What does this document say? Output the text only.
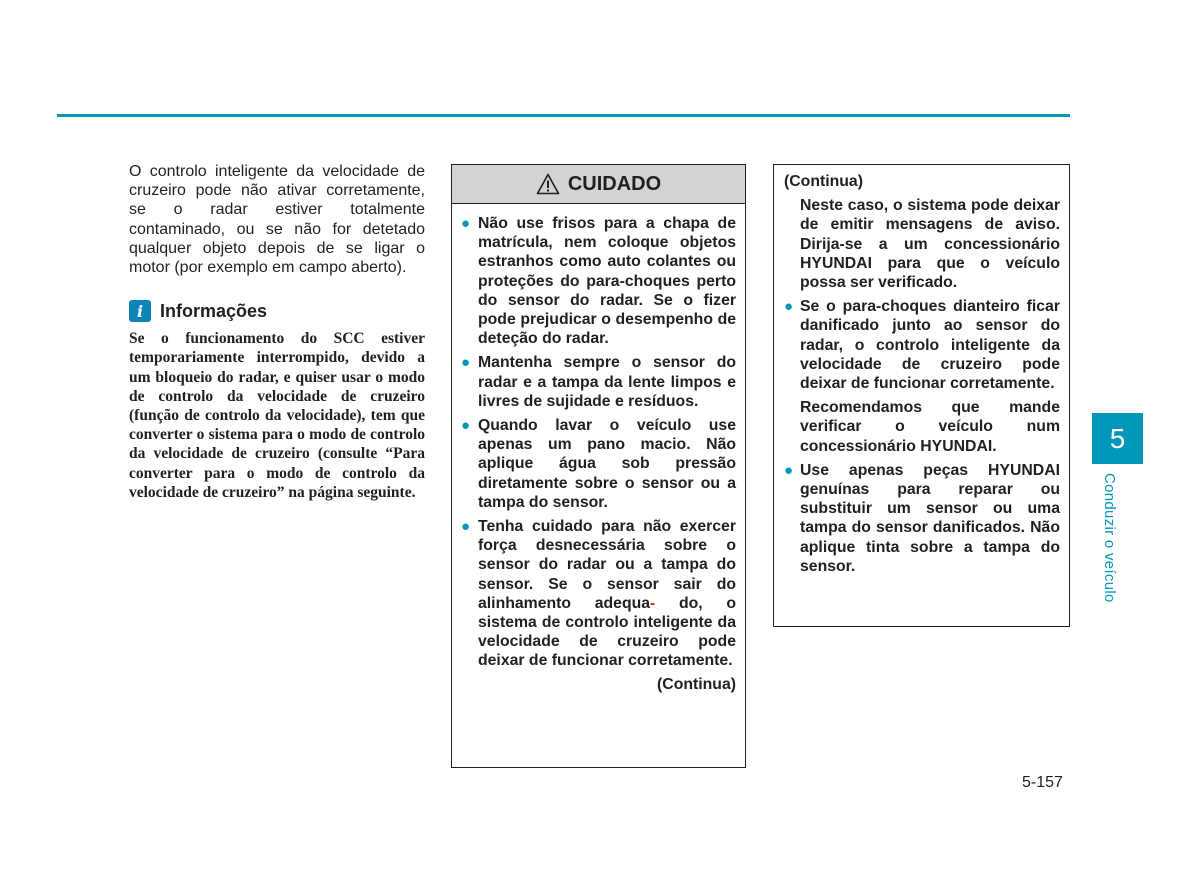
O controlo inteligente da velocidade de cruzeiro pode não ativar corretamente, se o radar estiver totalmente contaminado, ou se não for detetado qualquer objeto depois de se ligar o motor (por exemplo em campo aberto).

i Informações

Se o funcionamento do SCC estiver temporariamente interrompido, devido a um bloqueio do radar, e quiser usar o modo de controlo da velocidade de cruzeiro (função de controlo da velocidade), tem que converter o sistema para o modo de controlo da velocidade de cruzeiro (consulte “Para converter para o modo de controlo da velocidade de cruzeiro” na página seguinte.

CUIDADO
● Não use frisos para a chapa de matrícula, nem coloque objetos estranhos como auto colantes ou proteções do para-choques perto do sensor do radar. Se o fizer pode prejudicar o desempenho de deteção do radar.
● Mantenha sempre o sensor do radar e a tampa da lente limpos e livres de sujidade e resíduos.
● Quando lavar o veículo use apenas um pano macio. Não aplique água sob pressão diretamente sobre o sensor ou a tampa do sensor.
● Tenha cuidado para não exercer força desnecessária sobre o sensor do radar ou a tampa do sensor. Se o sensor sair do alinhamento adequa- do, o sistema de controlo inteligente da velocidade de cruzeiro pode deixar de funcionar corretamente.
(Continua)
(Continua)
Neste caso, o sistema pode deixar de emitir mensagens de aviso. Dirija-se a um concessionário HYUNDAI para que o veículo possa ser verificado.
● Se o para-choques dianteiro ficar danificado junto ao sensor do radar, o controlo inteligente da velocidade de cruzeiro pode deixar de funcionar corretamente.
Recomendamos que mande verificar o veículo num concessionário HYUNDAI.
● Use apenas peças HYUNDAI genuínas para reparar ou substituir um sensor ou uma tampa do sensor danificados. Não aplique tinta sobre a tampa do sensor.
5-157
5
Conduzir o veículo
